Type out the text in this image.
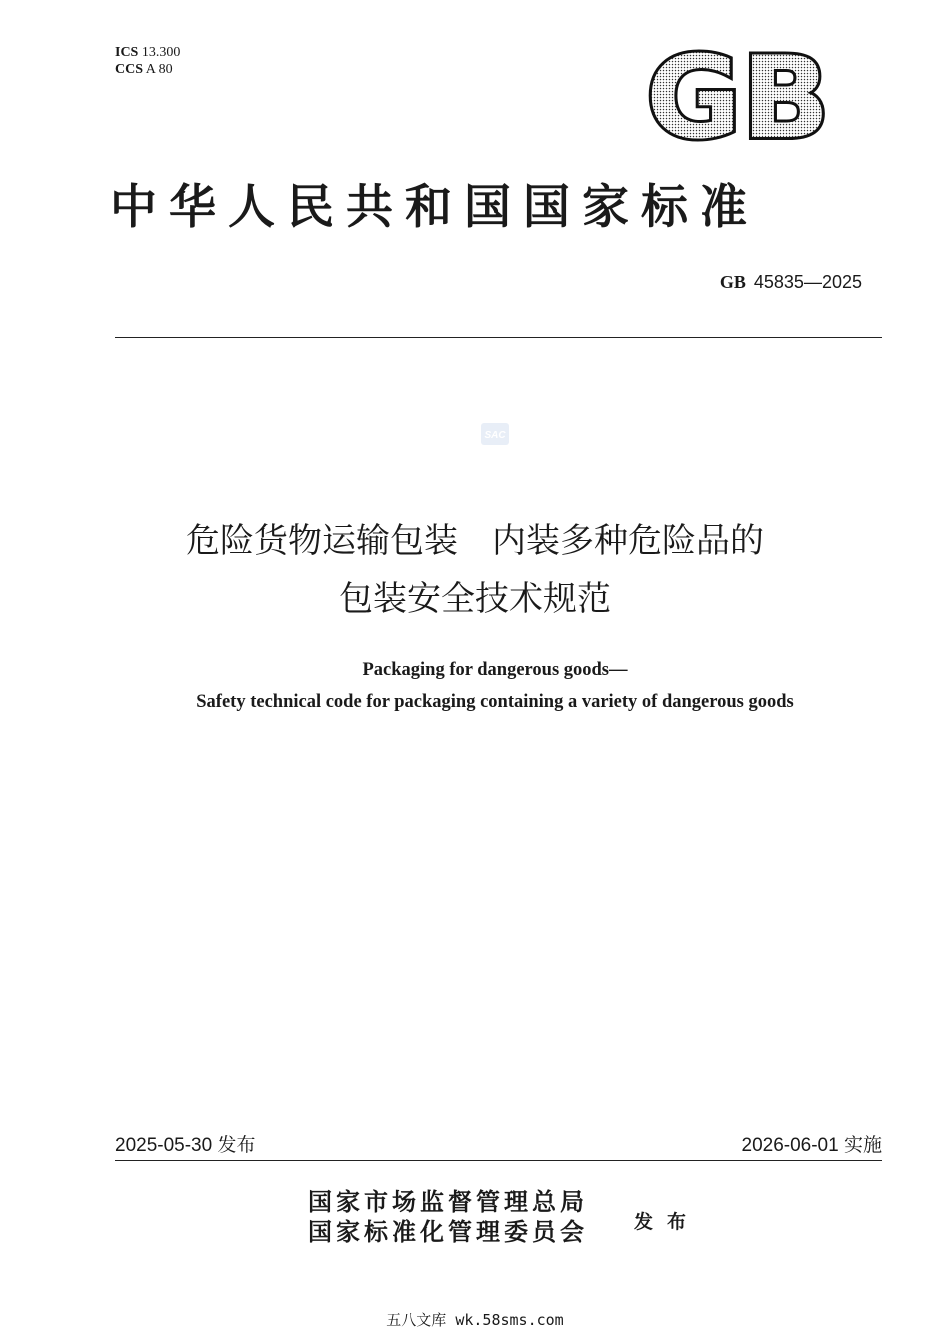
ICS 13.300
CCS A 80	GB
中华人民共和国国家标准
GB 45835—2025
SAC
危险货物运输包装　内装多种危险品的
包装安全技术规范
Packaging for dangerous goods—
Safety technical code for packaging containing a variety of dangerous goods
2025-05-30 发布	2026-06-01 实施
国家市场监督管理总局
国家标准化管理委员会 发布
五八文库 wk.58sms.com
